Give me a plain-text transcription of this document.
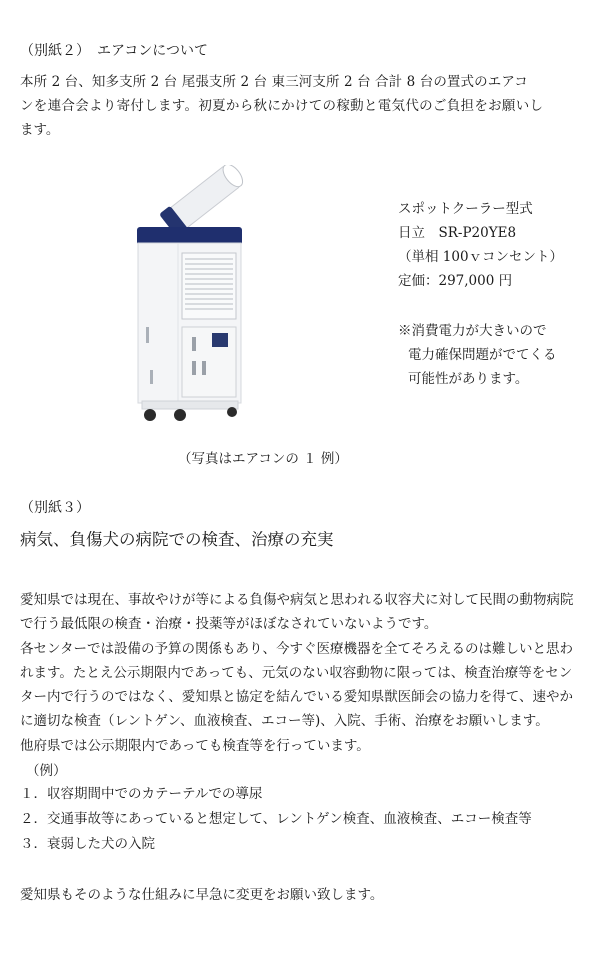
（別紙２）　エアコンについて
本所 2 台、知多支所 2 台 尾張支所 2 台 東三河支所 2 台 合計 8 台の置式のエアコ
ンを連合会より寄付します。初夏から秋にかけての稼動と電気代のご負担をお願いし
ます。
スポットクーラー型式
日立　SR-P20YE8
（単相 100ｖコンセント）
定価：297,000 円
※消費電力が大きいので
電力確保問題がでてくる
可能性があります。
（写真はエアコンの １ 例）
（別紙３）
病気、負傷犬の病院での検査、治療の充実
愛知県では現在、事故やけが等による負傷や病気と思われる収容犬に対して民間の動物病院
で行う最低限の検査・治療・投薬等がほぼなされていないようです。
各センターでは設備の予算の関係もあり、今すぐ医療機器を全てそろえるのは難しいと思わ
れます。たとえ公示期限内であっても、元気のない収容動物に限っては、検査治療等をセン
ター内で行うのではなく、愛知県と協定を結んでいる愛知県獣医師会の協力を得て、速やか
に適切な検査（レントゲン、血液検査、エコー等)、入院、手術、治療をお願いします。
他府県では公示期限内であっても検査等を行っています。
（例）
１．収容期間中でのカテーテルでの導尿
２．交通事故等にあっていると想定して、レントゲン検査、血液検査、エコー検査等
３．衰弱した犬の入院
愛知県もそのような仕組みに早急に変更をお願い致します。
